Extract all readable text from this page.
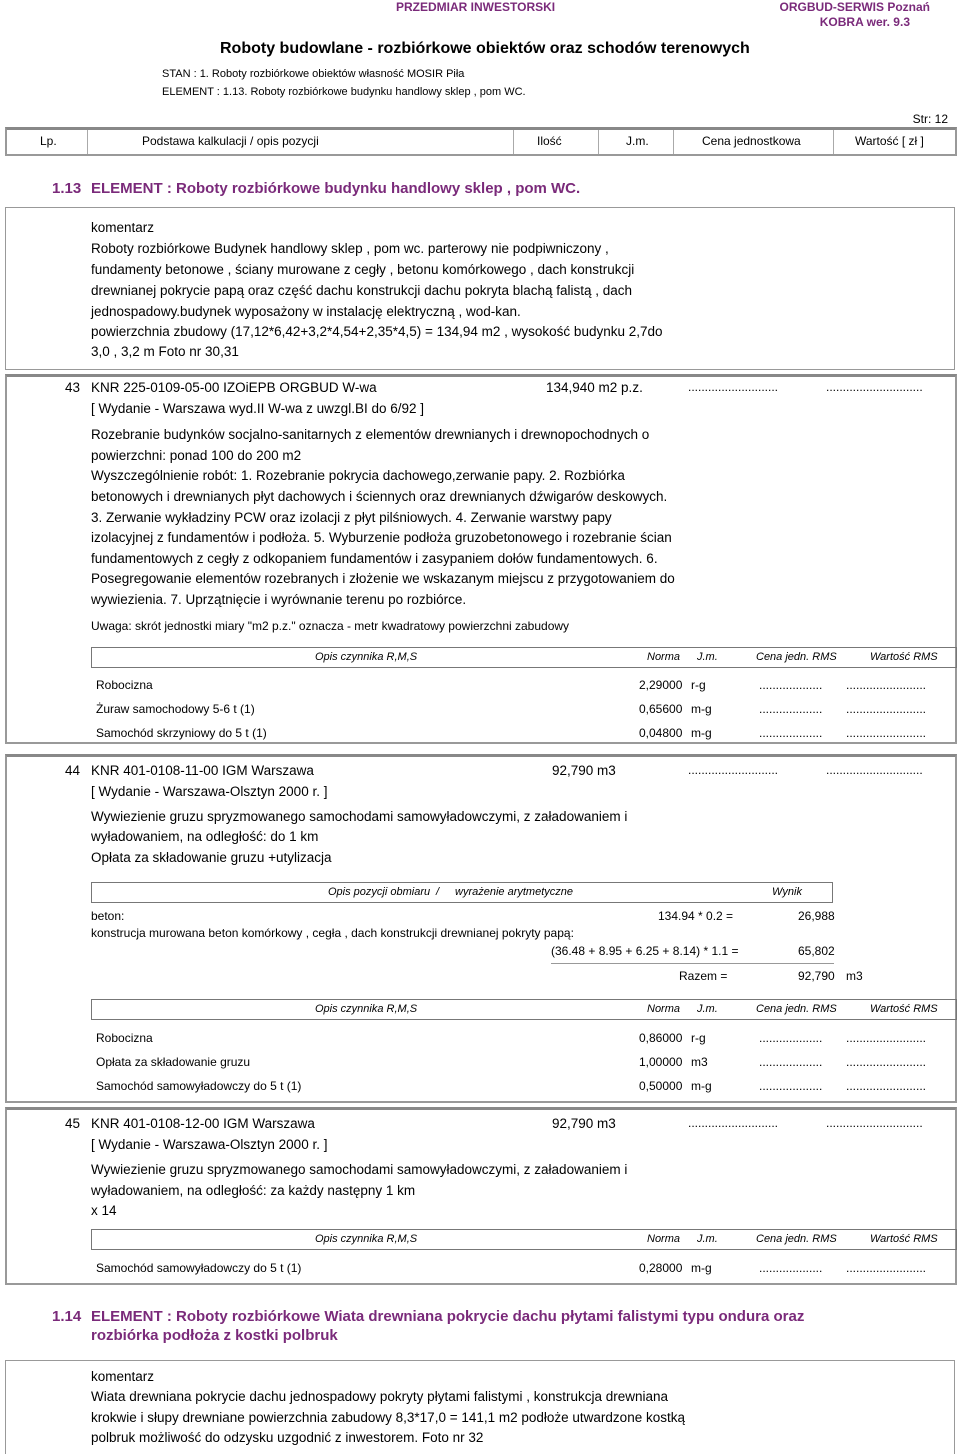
PRZEDMIAR INWESTORSKI	ORGBUD-SERWIS Poznań
KOBRA wer. 9.3
Roboty budowlane - rozbiórkowe obiektów oraz schodów terenowych
STAN : 1. Roboty rozbiórkowe obiektów własność MOSIR Piła
ELEMENT : 1.13. Roboty rozbiórkowe budynku handlowy sklep , pom WC.
Str: 12
Lp.	Podstawa kalkulacji / opis pozycji	Ilość	J.m.	Cena jednostkowa	Wartość [ zł ]
1.13 ELEMENT : Roboty rozbiórkowe budynku handlowy sklep , pom WC.
komentarz
Roboty rozbiórkowe Budynek handlowy sklep , pom wc. parterowy nie podpiwniczony ,
fundamenty betonowe , ściany murowane z cegły , betonu komórkowego , dach konstrukcji
drewnianej pokrycie papą oraz część dachu konstrukcji dachu pokryta blachą falistą , dach
jednospadowy.budynek wyposażony w instalację elektryczną , wod-kan.
powierzchnia zbudowy (17,12*6,42+3,2*4,54+2,35*4,5) = 134,94 m2 , wysokość budynku 2,7do
3,0 , 3,2 m Foto nr 30,31
43 KNR 225-0109-05-00 IZOiEPB ORGBUD W-wa	134,940 m2 p.z.	...........................	.............................
[ Wydanie - Warszawa wyd.II W-wa z uwzgl.BI do 6/92 ]
Rozebranie budynków socjalno-sanitarnych z elementów drewnianych i drewnopochodnych o
powierzchni: ponad 100 do 200 m2
Wyszczególnienie robót: 1. Rozebranie pokrycia dachowego,zerwanie papy. 2. Rozbiórka
betonowych i drewnianych płyt dachowych i ściennych oraz drewnianych dźwigarów deskowych.
3. Zerwanie wykładziny PCW oraz izolacji z płyt pilśniowych. 4. Zerwanie warstwy papy
izolacyjnej z fundamentów i podłoża. 5. Wyburzenie podłoża gruzobetonowego i rozebranie ścian
fundamentowych z cegły z odkopaniem fundamentów i zasypaniem dołów fundamentowych. 6.
Posegregowanie elementów rozebranych i złożenie we wskazanym miejscu z przygotowaniem do
wywiezienia. 7. Uprzątnięcie i wyrównanie terenu po rozbiórce.
Uwaga: skrót jednostki miary "m2 p.z." oznacza - metr kwadratowy powierzchni zabudowy
Opis czynnika R,M,S	Norma J.m.	Cena jedn. RMS	Wartość RMS
Robocizna	2,29000 r-g	................... ........................
Żuraw samochodowy 5-6 t (1)	0,65600 m-g	................... ........................
Samochód skrzyniowy do 5 t (1)	0,04800 m-g	................... ........................
44 KNR 401-0108-11-00 IGM Warszawa	92,790 m3	...........................	.............................
[ Wydanie - Warszawa-Olsztyn 2000 r. ]
Wywiezienie gruzu spryzmowanego samochodami samowyładowczymi, z załadowaniem i
wyładowaniem, na odległość: do 1 km
Opłata za składowanie gruzu +utylizacja
Opis pozycji obmiaru / wyrażenie arytmetyczne	Wynik
beton:	134.94 * 0.2 =	26,988
konstrucja murowana beton komórkowy , cegła , dach konstrukcji drewnianej pokryty papą:
(36.48 + 8.95 + 6.25 + 8.14) * 1.1 =	65,802
Razem =	92,790 m3
Opis czynnika R,M,S	Norma J.m.	Cena jedn. RMS	Wartość RMS
Robocizna	0,86000 r-g	................... ........................
Opłata za składowanie gruzu	1,00000 m3	................... ........................
Samochód samowyładowczy do 5 t (1)	0,50000 m-g	................... ........................
45 KNR 401-0108-12-00 IGM Warszawa	92,790 m3	...........................	.............................
[ Wydanie - Warszawa-Olsztyn 2000 r. ]
Wywiezienie gruzu spryzmowanego samochodami samowyładowczymi, z załadowaniem i
wyładowaniem, na odległość: za każdy następny 1 km
x 14
Opis czynnika R,M,S	Norma J.m.	Cena jedn. RMS	Wartość RMS
Samochód samowyładowczy do 5 t (1)	0,28000 m-g	................... ........................
1.14 ELEMENT : Roboty rozbiórkowe Wiata drewniana pokrycie dachu płytami falistymi typu ondura oraz
rozbiórka podłoża z kostki polbruk
komentarz
Wiata drewniana pokrycie dachu jednospadowy pokryty płytami falistymi , konstrukcja drewniana
krokwie i słupy drewniane powierzchnia zabudowy 8,3*17,0 = 141,1 m2 podłoże utwardzone kostką
polbruk możliwość do odzysku uzgodnić z inwestorem. Foto nr 32
